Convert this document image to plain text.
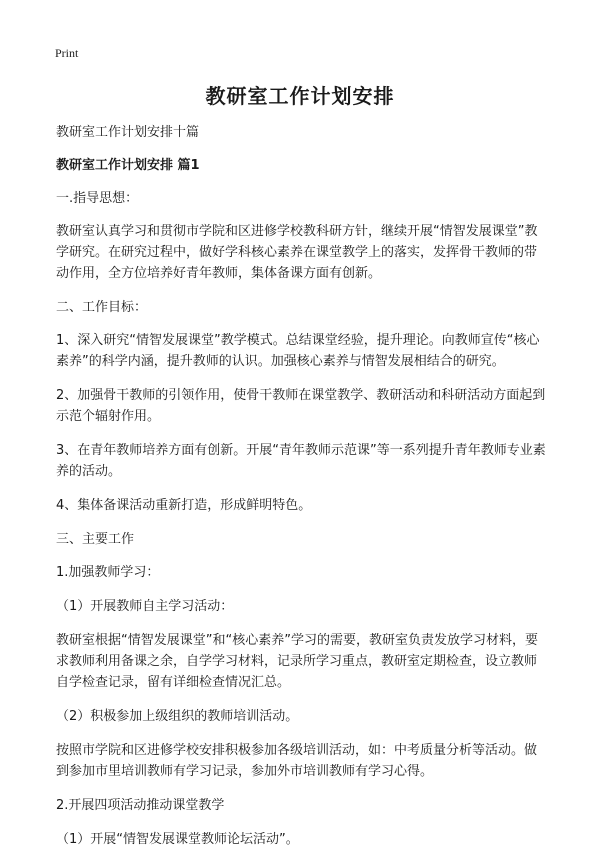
Print
教研室工作计划安排
教研室工作计划安排十篇
教研室工作计划安排 篇1
一.指导思想：
教研室认真学习和贯彻市学院和区进修学校教科研方针，继续开展“情智发展课堂”教学研究。在研究过程中，做好学科核心素养在课堂教学上的落实，发挥骨干教师的带动作用，全方位培养好青年教师，集体备课方面有创新。
二、工作目标：
1、深入研究“情智发展课堂”教学模式。总结课堂经验，提升理论。向教师宣传“核心素养”的科学内涵，提升教师的认识。加强核心素养与情智发展相结合的研究。
2、加强骨干教师的引领作用，使骨干教师在课堂教学、教研活动和科研活动方面起到示范个辐射作用。
3、在青年教师培养方面有创新。开展“青年教师示范课”等一系列提升青年教师专业素养的活动。
4、集体备课活动重新打造，形成鲜明特色。
三、主要工作
1.加强教师学习：
（1）开展教师自主学习活动：
教研室根据“情智发展课堂”和“核心素养”学习的需要，教研室负责发放学习材料，要求教师利用备课之余，自学学习材料，记录所学习重点，教研室定期检查，设立教师自学检查记录，留有详细检查情况汇总。
（2）积极参加上级组织的教师培训活动。
按照市学院和区进修学校安排积极参加各级培训活动，如：中考质量分析等活动。做到参加市里培训教师有学习记录，参加外市培训教师有学习心得。
2.开展四项活动推动课堂教学
（1）开展“情智发展课堂教师论坛活动”。
